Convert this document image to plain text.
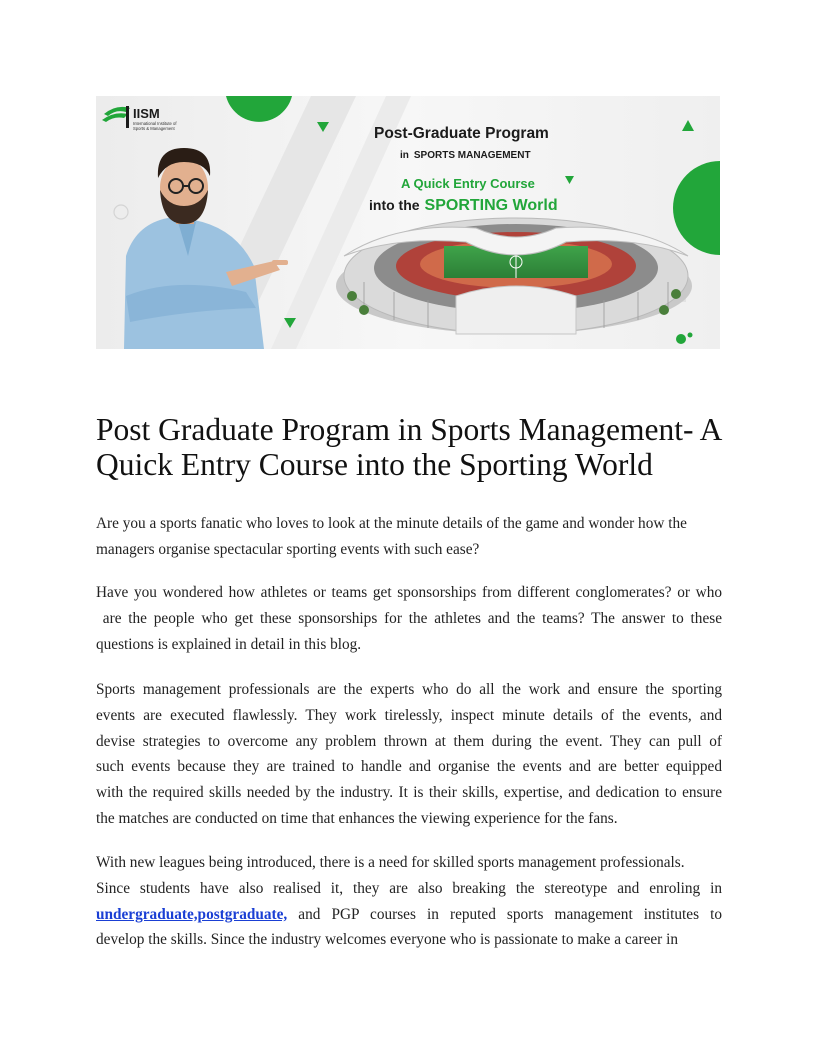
IISM
International Institute of
Sports & Management	Post-Graduate Program
in SPORTS MANAGEMENT
A Quick Entry Course
into the SPORTING World
Post Graduate Program in Sports Management- A
Quick Entry Course into the Sporting World

Are you a sports fanatic who loves to look at the minute details of the game and wonder how the
managers organise spectacular sporting events with such ease?

Have you wondered how athletes or teams get sponsorships from different conglomerates? or who
are the people who get these sponsorships for the athletes and the teams? The answer to these
questions is explained in detail in this blog.

Sports management professionals are the experts who do all the work and ensure the sporting
events are executed flawlessly. They work tirelessly, inspect minute details of the events, and
devise strategies to overcome any problem thrown at them during the event. They can pull of
such events because they are trained to handle and organise the events and are better equipped
with the required skills needed by the industry. It is their skills, expertise, and dedication to ensure
the matches are conducted on time that enhances the viewing experience for the fans.

With new leagues being introduced, there is a need for skilled sports management professionals.
Since students have also realised it, they are also breaking the stereotype and enroling in
undergraduate,postgraduate, and PGP courses in reputed sports management institutes to
develop the skills. Since the industry welcomes everyone who is passionate to make a career in
